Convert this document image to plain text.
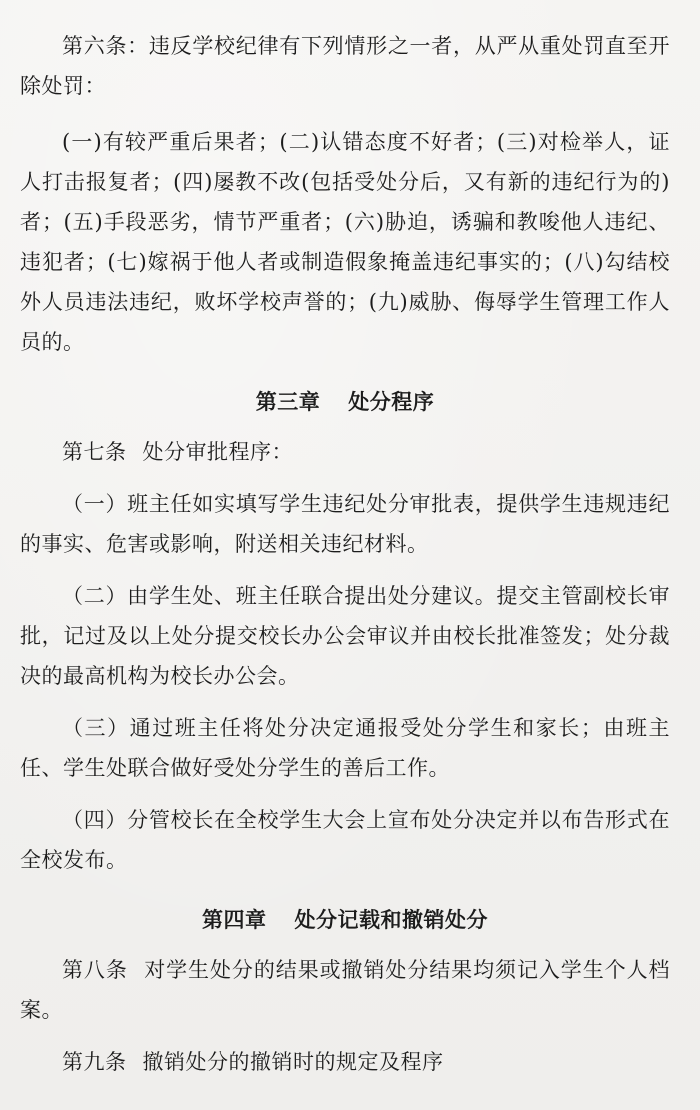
第六条：违反学校纪律有下列情形之一者，从严从重处罚直至开除处罚：

(一)有较严重后果者；(二)认错态度不好者；(三)对检举人，证人打击报复者；(四)屡教不改(包括受处分后，又有新的违纪行为的)者；(五)手段恶劣，情节严重者；(六)胁迫，诱骗和教唆他人违纪、违犯者；(七)嫁祸于他人者或制造假象掩盖违纪事实的；(八)勾结校外人员违法违纪，败坏学校声誉的；(九)威胁、侮辱学生管理工作人员的。

第三章 处分程序

第七条 处分审批程序：

（一）班主任如实填写学生违纪处分审批表，提供学生违规违纪的事实、危害或影响，附送相关违纪材料。

（二）由学生处、班主任联合提出处分建议。提交主管副校长审批，记过及以上处分提交校长办公会审议并由校长批准签发；处分裁决的最高机构为校长办公会。

（三）通过班主任将处分决定通报受处分学生和家长；由班主任、学生处联合做好受处分学生的善后工作。

（四）分管校长在全校学生大会上宣布处分决定并以布告形式在全校发布。

第四章 处分记载和撤销处分

第八条 对学生处分的结果或撤销处分结果均须记入学生个人档案。

第九条 撤销处分的撤销时的规定及程序
